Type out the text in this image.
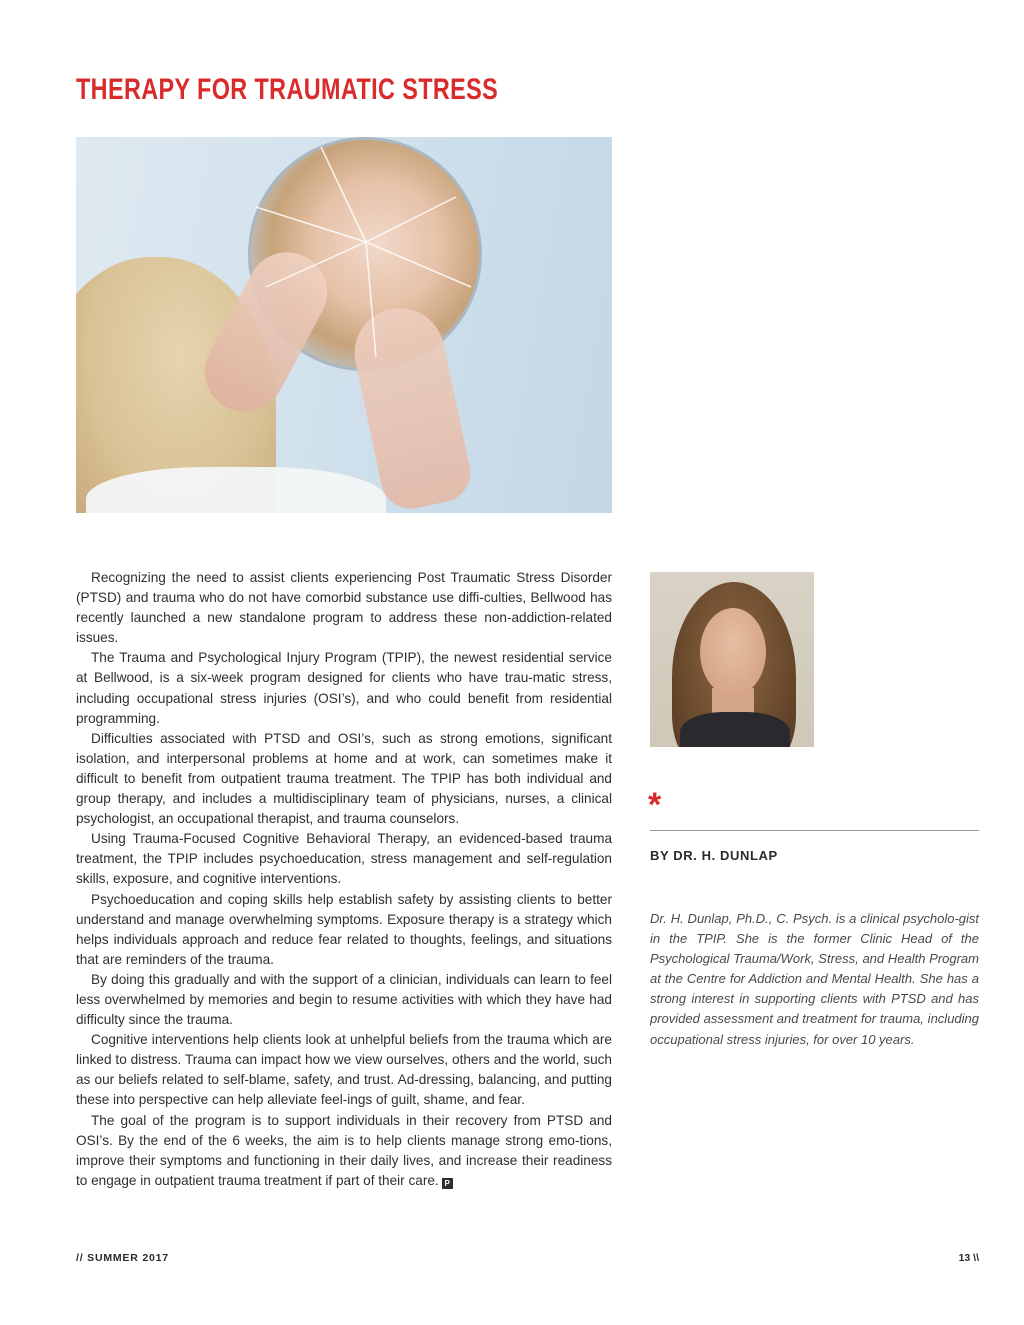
THERAPY FOR TRAUMATIC STRESS

Recognizing the need to assist clients experiencing Post Traumatic Stress Disorder (PTSD) and trauma who do not have comorbid substance use diffi-culties, Bellwood has recently launched a new standalone program to address these non-addiction-related issues.

The Trauma and Psychological Injury Program (TPIP), the newest residential service at Bellwood, is a six-week program designed for clients who have trau-matic stress, including occupational stress injuries (OSI’s), and who could benefit from residential programming.

Difficulties associated with PTSD and OSI’s, such as strong emotions, significant isolation, and interpersonal problems at home and at work, can sometimes make it difficult to benefit from outpatient trauma treatment. The TPIP has both individual and group therapy, and includes a multidisciplinary team of physicians, nurses, a clinical psychologist, an occupational therapist, and trauma counselors.

Using Trauma-Focused Cognitive Behavioral Therapy, an evidenced-based trauma treatment, the TPIP includes psychoeducation, stress management and self-regulation skills, exposure, and cognitive interventions.

Psychoeducation and coping skills help establish safety by assisting clients to better understand and manage overwhelming symptoms. Exposure therapy is a strategy which helps individuals approach and reduce fear related to thoughts, feelings, and situations that are reminders of the trauma.

By doing this gradually and with the support of a clinician, individuals can learn to feel less overwhelmed by memories and begin to resume activities with which they have had difficulty since the trauma.

Cognitive interventions help clients look at unhelpful beliefs from the trauma which are linked to distress. Trauma can impact how we view ourselves, others and the world, such as our beliefs related to self-blame, safety, and trust. Ad-dressing, balancing, and putting these into perspective can help alleviate feel-ings of guilt, shame, and fear.

The goal of the program is to support individuals in their recovery from PTSD and OSI’s. By the end of the 6 weeks, the aim is to help clients manage strong emo-tions, improve their symptoms and functioning in their daily lives, and increase their readiness to engage in outpatient trauma treatment if part of their care. P

*
BY DR. H. DUNLAP
Dr. H. Dunlap, Ph.D., C. Psych. is a clinical psycholo-gist in the TPIP. She is the former Clinic Head of the Psychological Trauma/Work, Stress, and Health Program at the Centre for Addiction and Mental Health. She has a strong interest in supporting clients with PTSD and has provided assessment and treatment for trauma, including occupational stress injuries, for over 10 years.
// SUMMER 2017	13 \\
